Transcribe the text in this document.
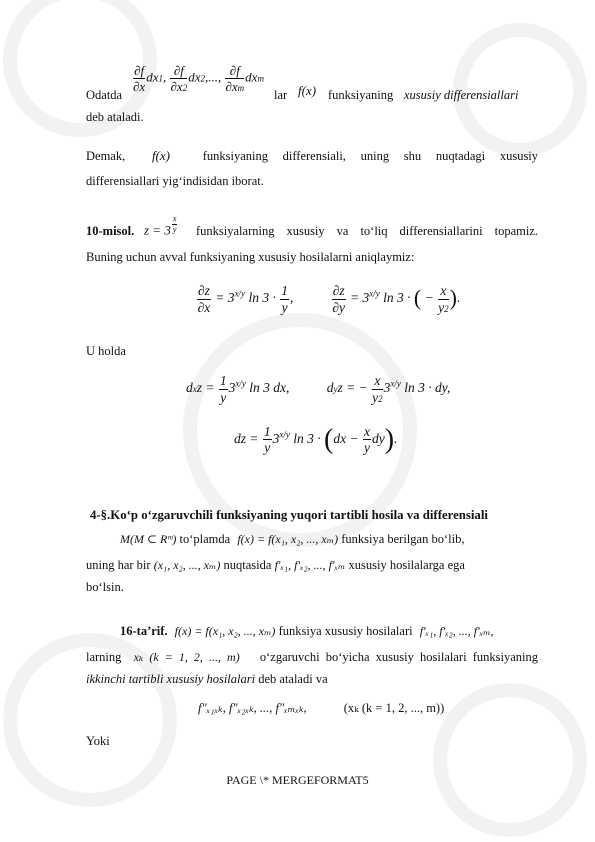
Odatda
$\frac{\partial f}{\partial x} dx1$, $\frac{\partial f}{\partial x2} dx2$,..., $\frac{\partial f}{\partial xm}$ dxm
lar f(x) funksiyaning xususiy differensiallari
deb ataladi.
Demak, f(x)	funksiyaning differensiali, uning shu nuqtadagi xususiy
differensiallari yig‘indisidan iborat.
10-misol. z = 3 $^{\frac{x}{y}}$ funksiyalarning xususiy va to‘liq differensiallarini topamiz.
Buning uchun avval funksiyaning xususiy hosilalarni aniqlaymiz:
$\frac{\partial z}{\partial x} = 3^{x/y}$ $\ln 3 \cdot \frac{1}{y}$ ,	$\frac{\partial z}{\partial y} = 3^{x/y}$ ln 3 · ( − $\frac{x}{y2}$ ).
U holda
dxz = $\frac{1}{y} 3^{x/y}$ ln 3 dx,	dyz = − $\frac{x}{y2} 3^{x/y}$ ln 3 · dy,
dz = $\frac{1}{y} 3^{x/y}$ $\ln 3 \cdot (dx - \frac{x}{y} dy)$.
4-§.Ko‘p o‘zgaruvchili funksiyaning yuqori tartibli hosila va differensiali
M(M ⊂ Rᵐ) to‘plamda f(x) = f(x₁, x₂, ..., xₘ) funksiya berilgan bo‘lib,
uning har bir (x₁, x₂, ..., xₘ) nuqtasida f′ₓ₁, f′ₓ₂, ..., f′ₓₘ xususiy hosilalarga ega
bo‘lsin.
16-ta’rif. f(x) = f(x₁, x₂, ..., xₘ) funksiya xususiy hosilalari f′ₓ₁, f′ₓ₂, ..., f′ₓₘ,
larning xₖ (k = 1, 2, ..., m) o‘zgaruvchi bo‘yicha xususiy hosilalari funksiyaning
ikkinchi tartibli xususiy hosilalari deb ataladi va
f″ₓ₁ₓₖ, f″ₓ₂ₓₖ, ..., f″ₓₘₓₖ,	(xₖ (k = 1, 2, ..., m))
Yoki
PAGE \* MERGEFORMAT5
